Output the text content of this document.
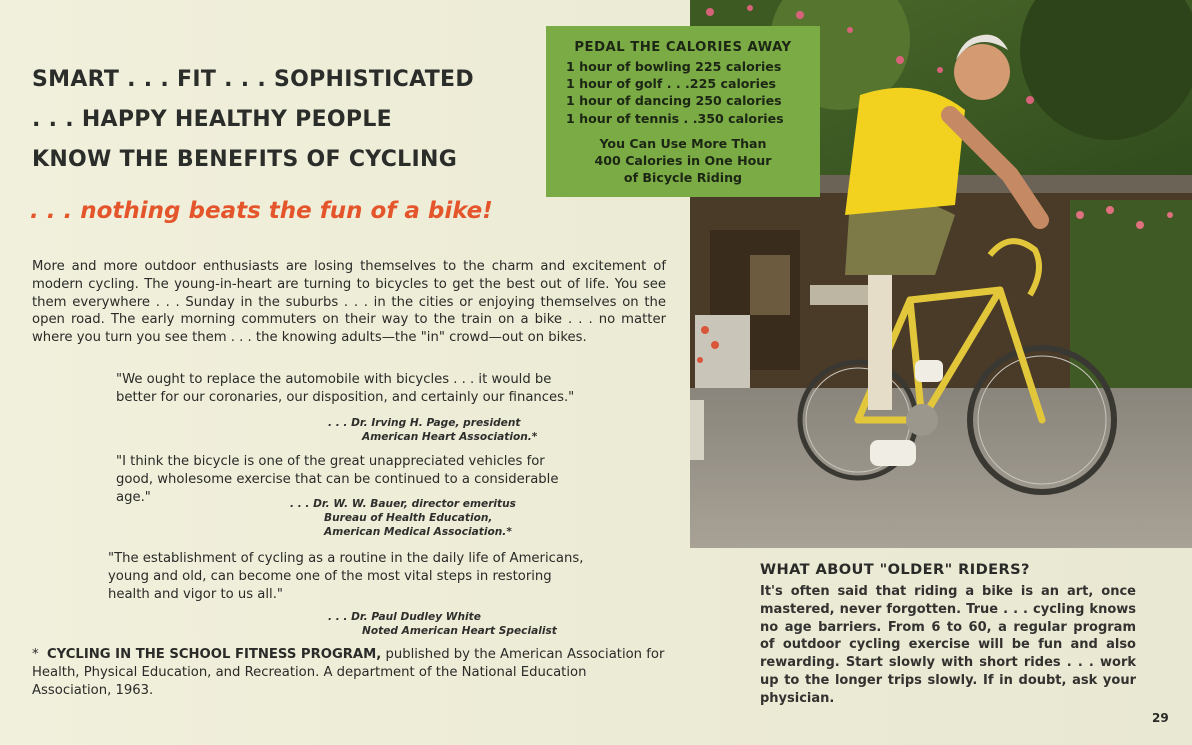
SMART . . . FIT . . . SOPHISTICATED
. . . HAPPY HEALTHY PEOPLE
KNOW THE BENEFITS OF CYCLING
. . . nothing beats the fun of a bike!

More and more outdoor enthusiasts are losing themselves to the charm and excitement of modern cycling. The young-in-heart are turning to bicycles to get the best out of life. You see them everywhere . . . Sunday in the suburbs . . . in the cities or enjoying themselves on the open road. The early morning commuters on their way to the train on a bike . . . no matter where you turn you see them . . . the knowing adults—the "in" crowd—out on bikes.

"We ought to replace the automobile with bicycles . . . it would be better for our coronaries, our disposition, and certainly our finances."

. . . Dr. Irving H. Page, president
American Heart Association.*

"I think the bicycle is one of the great unappreciated vehicles for good, wholesome exercise that can be continued to a considerable age."	. . . Dr. W. W. Bauer, director emeritus
Bureau of Health Education,
American Medical Association.*

"The establishment of cycling as a routine in the daily life of Americans, young and old, can become one of the most vital steps in restoring health and vigor to us all."

. . . Dr. Paul Dudley White
Noted American Heart Specialist

* CYCLING IN THE SCHOOL FITNESS PROGRAM, published by the American Association for Health, Physical Education, and Recreation. A department of the National Education Association, 1963.

PEDAL THE CALORIES AWAY
1 hour of bowling 225 calories
1 hour of golf . . .225 calories
1 hour of dancing 250 calories
1 hour of tennis . .350 calories
You Can Use More Than
400 Calories in One Hour
of Bicycle Riding
WHAT ABOUT "OLDER" RIDERS?

It's often said that riding a bike is an art, once mastered, never forgotten. True . . . cycling knows no age barriers. From 6 to 60, a regular program of outdoor cycling exercise will be fun and also rewarding. Start slowly with short rides . . . work up to the longer trips slowly. If in doubt, ask your physician.

29
